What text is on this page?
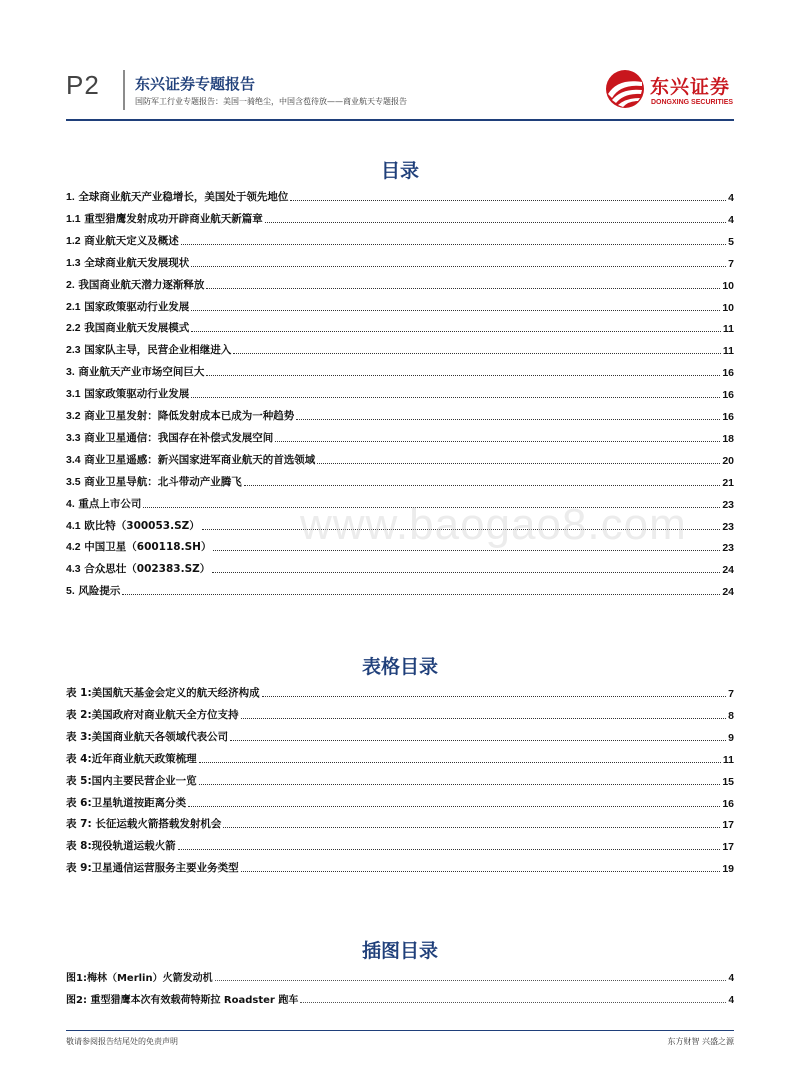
P2 东兴证券专题报告
国防军工行业专题报告：美国一骑绝尘，中国含苞待放——商业航天专题报告
东兴证券
DONGXING SECURITIES
目录
1. 全球商业航天产业稳增长，美国处于领先地位	4
1.1 重型猎鹰发射成功开辟商业航天新篇章	4
1.2 商业航天定义及概述	5
1.3 全球商业航天发展现状	7
2. 我国商业航天潜力逐渐释放	10
2.1 国家政策驱动行业发展	10
2.2 我国商业航天发展模式	11
2.3 国家队主导，民营企业相继进入	11
3. 商业航天产业市场空间巨大	16
3.1 国家政策驱动行业发展	16
3.2 商业卫星发射：降低发射成本已成为一种趋势	16
3.3 商业卫星通信：我国存在补偿式发展空间	18
3.4 商业卫星遥感：新兴国家进军商业航天的首选领域	20
3.5 商业卫星导航：北斗带动产业腾飞	21
4. 重点上市公司	23
4.1 欧比特（300053.SZ）	23
4.2 中国卫星（600118.SH）	23
4.3 合众思壮（002383.SZ）	24
5. 风险提示	24
www.baogao8.com
表格目录
表 1:美国航天基金会定义的航天经济构成	7
表 2:美国政府对商业航天全方位支持	8
表 3:美国商业航天各领域代表公司	9
表 4:近年商业航天政策梳理	11
表 5:国内主要民营企业一览	15
表 6:卫星轨道按距离分类	16
表 7: 长征运载火箭搭载发射机会	17
表 8:现役轨道运载火箭	17
表 9:卫星通信运营服务主要业务类型	19
插图目录
图1:梅林（Merlin）火箭发动机	4
图2: 重型猎鹰本次有效载荷特斯拉 Roadster 跑车	4
敬请参阅报告结尾处的免责声明	东方财智 兴盛之源
